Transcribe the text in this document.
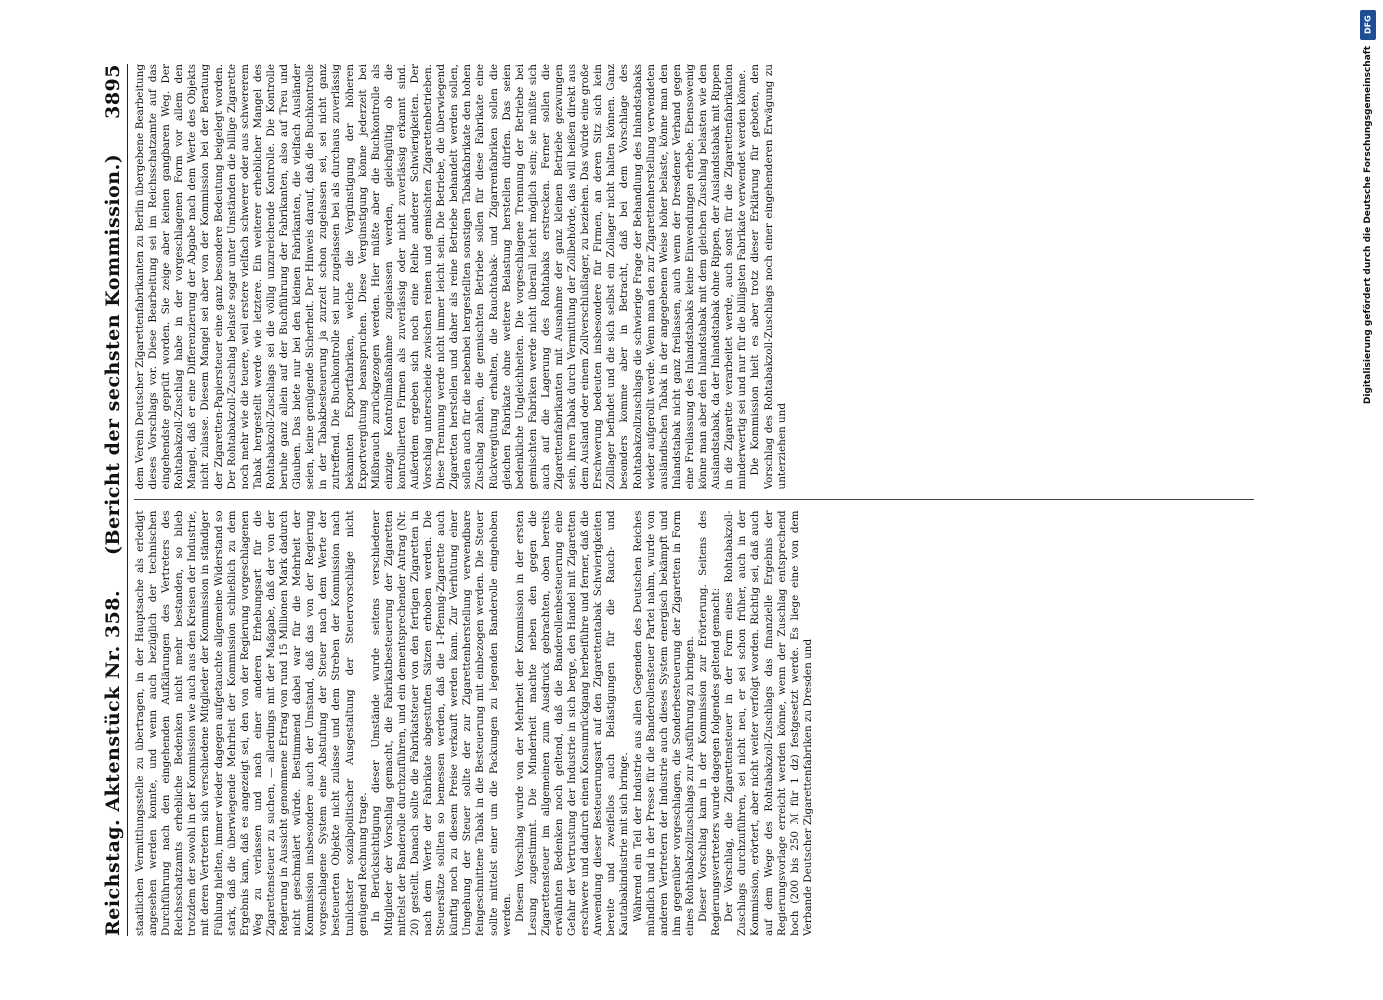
Reichstag. Aktenstück Nr. 358.
(Bericht der sechsten Kommission.)
3895

staatlichen Vermittlungsstelle zu übertragen, in der Hauptsache als erledigt angesehen werden konnte, und wenn auch bezüglich der technischen Durchführung nach den eingehenden Aufklärungen des Vertreters des Reichsschatzamts erhebliche Bedenken nicht mehr bestanden, so blieb trotzdem der sowohl in der Kommission wie auch aus den Kreisen der Industrie, mit deren Vertretern sich verschiedene Mitglieder der Kommission in ständiger Fühlung hielten, immer wieder dagegen aufgetauchte allgemeine Widerstand so stark, daß die überwiegende Mehrheit der Kommission schließlich zu dem Ergebnis kam, daß es angezeigt sei, den von der Regierung vorgeschlagenen Weg zu verlassen und nach einer anderen Erhebungsart für die Zigarettensteuer zu suchen, — allerdings mit der Maßgabe, daß der von der Regierung in Aussicht genommene Ertrag von rund 15 Millionen Mark dadurch nicht geschmälert würde. Bestimmend dabei war für die Mehrheit der Kommission insbesondere auch der Umstand, daß das von der Regierung vorgeschlagene System eine Abstufung der Steuer nach dem Werte der besteuerten Objekte nicht zulasse und dem Streben der Kommission nach tunlichster sozialpolitischer Ausgestaltung der Steuervorschläge nicht genügend Rechnung trage. In Berücksichtigung dieser Umstände wurde seitens verschiedener Mitglieder der Vorschlag gemacht, die Fabrikatbesteuerung der Zigaretten mittelst der Banderolle durchzuführen, und ein dementsprechender Antrag (Nr. 20) gestellt. Danach sollte die Fabrikatsteuer von den fertigen Zigaretten in nach dem Werte der Fabrikate abgestuften Sätzen erhoben werden. Die Steuersätze sollten so bemessen werden, daß die 1-Pfennig-Zigarette auch künftig noch zu diesem Preise verkauft werden kann. Zur Verhütung einer Umgehung der Steuer sollte der zur Zigarettenherstellung verwendbare feingeschnittene Tabak in die Besteuerung mit einbezogen werden. Die Steuer sollte mittelst einer um die Packungen zu legenden Banderolle eingehoben werden. Diesem Vorschlag wurde von der Mehrheit der Kommission in der ersten Lesung zugestimmt. Die Minderheit machte neben den gegen die Zigarettensteuer im allgemeinen zum Ausdruck gebrachten, oben bereits erwähnten Bedenken noch geltend, daß die Banderollenbesteuerung eine Gefahr der Vertrustung der Industrie in sich berge, den Handel mit Zigaretten erschwere und dadurch einen Konsumrückgang herbeiführe und ferner, daß die Anwendung dieser Besteuerungsart auf den Zigarettentabak Schwierigkeiten bereite und zweifellos auch Belästigungen für die Rauch- und Kautabakindustrie mit sich bringe. Während ein Teil der Industrie aus allen Gegenden des Deutschen Reiches mündlich und in der Presse für die Banderollensteuer Partei nahm, wurde von anderen Vertretern der Industrie auch dieses System energisch bekämpft und ihm gegenüber vorgeschlagen, die Sonderbesteuerung der Zigaretten in Form eines Rohtabakzollzuschlags zur Ausführung zu bringen. Dieser Vorschlag kam in der Kommission zur Erörterung. Seitens des Regierungsvertreters wurde dagegen folgendes geltend gemacht: Der Vorschlag, die Zigarettensteuer in der Form eines Rohtabakzoll-Zuschlags durchzuführen, sei nicht neu, er sei schon früher, auch in der Kommission, erörtert, aber nicht weiter verfolgt worden. Richtig sei, daß auch auf dem Wege des Rohtabakzoll-Zuschlags das finanzielle Ergebnis der Regierungsvorlage erreicht werden könne, wenn der Zuschlag entsprechend hoch (200 bis 250 ℳ für 1 dz) festgesetzt werde. Es liege eine von dem Verbande Deutscher Zigarettenfabriken zu Dresden und

dem Verein Deutscher Zigarettenfabrikanten zu Berlin übergebene Bearbeitung dieses Vorschlags vor. Diese Bearbeitung sei im Reichsschatzamte auf das eingehendste geprüft worden. Sie zeige aber keinen gangbaren Weg. Der Rohtabakzoll-Zuschlag habe in der vorgeschlagenen Form vor allem den Mangel, daß er eine Differenzierung der Abgabe nach dem Werte des Objekts nicht zulasse. Diesem Mangel sei aber von der Kommission bei der Beratung der Zigaretten-Papiersteuer eine ganz besondere Bedeutung beigelegt worden. Der Rohtabakzoll-Zuschlag belaste sogar unter Umständen die billige Zigarette noch mehr wie die teuere, weil erstere vielfach schwerer oder aus schwererem Tabak hergestellt werde wie letztere. Ein weiterer erheblicher Mangel des Rohtabakzoll-Zuschlags sei die völlig unzureichende Kontrolle. Die Kontrolle beruhe ganz allein auf der Buchführung der Fabrikanten, also auf Treu und Glauben. Das biete nur bei den kleinen Fabrikanten, die vielfach Ausländer seien, keine genügende Sicherheit. Der Hinweis darauf, daß die Buchkontrolle in der Tabakbesteuerung ja zurzeit schon zugelassen sei, sei nicht ganz zutreffend. Die Buchkontrolle sei nur zugelassen bei als durchaus zuverlässig bekannten Exportfabriken, welche die Vergünstigung der höheren Exportvergütung beanspruchen. Diese Vergünstigung könne jederzeit bei Mißbrauch zurückgezogen werden. Hier müßte aber die Buchkontrolle als einzige Kontrollmaßnahme zugelassen werden, gleichgültig ob die kontrollierten Firmen als zuverlässig oder nicht zuverlässig erkannt sind. Außerdem ergeben sich noch eine Reihe anderer Schwierigkeiten. Der Vorschlag unterscheide zwischen reinen und gemischten Zigarettenbetrieben. Diese Trennung werde nicht immer leicht sein. Die Betriebe, die überwiegend Zigaretten herstellen und daher als reine Betriebe behandelt werden sollen, sollen auch für die nebenbei hergestellten sonstigen Tabakfabrikate den hohen Zuschlag zahlen, die gemischten Betriebe sollen für diese Fabrikate eine Rückvergütung erhalten, die Rauchtabak- und Zigarrenfabriken sollen die gleichen Fabrikate ohne weitere Belastung herstellen dürfen. Das seien bedenkliche Ungleichheiten. Die vorgeschlagene Trennung der Betriebe bei gemischten Fabriken werde nicht überall leicht möglich sein; sie müßte sich auch auf die Lagerung des Rohtabaks erstrecken. Ferner sollen die Zigarettenfabrikanten mit Ausnahme der ganz kleinen Betriebe gezwungen sein, ihren Tabak durch Vermittlung der Zollbehörde, das will heißen direkt aus dem Ausland oder einem Zollverschlußlager, zu beziehen. Das würde eine große Erschwerung bedeuten insbesondere für Firmen, an deren Sitz sich kein Zolllager befindet und die sich selbst ein Zollager nicht halten können. Ganz besonders komme aber in Betracht, daß bei dem Vorschlage des Rohtabakzollzuschlags die schwierige Frage der Behandlung des Inlandstabaks wieder aufgerollt werde. Wenn man den zur Zigarettenherstellung verwendeten ausländischen Tabak in der angegebenen Weise höher belaste, könne man den Inlandstabak nicht ganz freilassen, auch wenn der Dresdener Verband gegen eine Freilassung des Inlandstabaks keine Einwendungen erhebe. Ebensowenig könne man aber den Inlandstabak mit dem gleichen Zuschlag belasten wie den Auslandstabak, da der Inlandstabak ohne Rippen, der Auslandstabak mit Rippen in die Zigarette verarbeitet werde, auch sonst für die Zigarettenfabrikation minderwertig sei und nur für die billigsten Fabrikate verwendet werden könne. Die Kommission hielt es aber trotz dieser Erklärung für geboten, den Vorschlag des Rohtabakzoll-Zuschlags noch einer eingehenderen Erwägung zu unterziehen und

DFG
Digitalisierung gefördert durch die Deutsche Forschungsgemeinschaft
